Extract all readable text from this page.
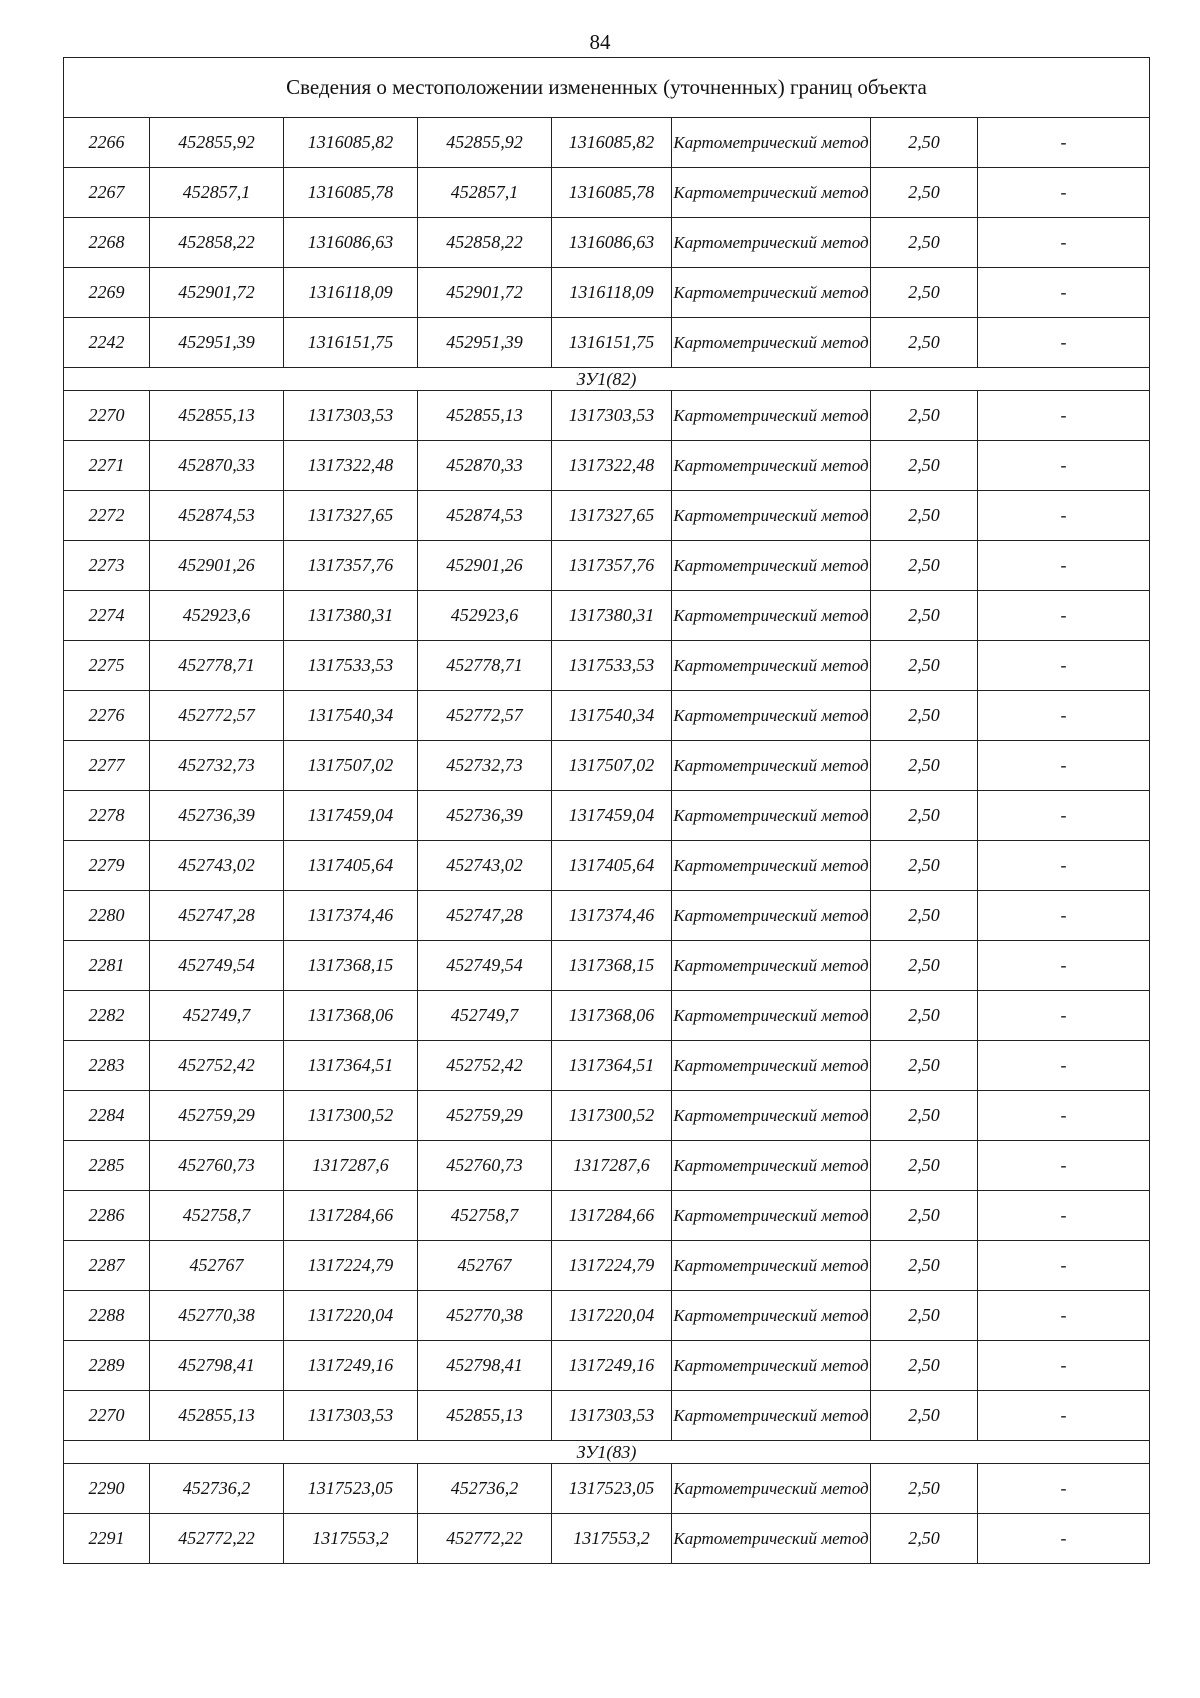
84
Сведения о местоположении измененных (уточненных) границ объекта							
2266	452855,92	1316085,82	452855,92	1316085,82	Картометрический метод	2,50	-
2267	452857,1	1316085,78	452857,1	1316085,78	Картометрический метод	2,50	-
2268	452858,22	1316086,63	452858,22	1316086,63	Картометрический метод	2,50	-
2269	452901,72	1316118,09	452901,72	1316118,09	Картометрический метод	2,50	-
2242	452951,39	1316151,75	452951,39	1316151,75	Картометрический метод	2,50	-
ЗУ1(82)							
2270	452855,13	1317303,53	452855,13	1317303,53	Картометрический метод	2,50	-
2271	452870,33	1317322,48	452870,33	1317322,48	Картометрический метод	2,50	-
2272	452874,53	1317327,65	452874,53	1317327,65	Картометрический метод	2,50	-
2273	452901,26	1317357,76	452901,26	1317357,76	Картометрический метод	2,50	-
2274	452923,6	1317380,31	452923,6	1317380,31	Картометрический метод	2,50	-
2275	452778,71	1317533,53	452778,71	1317533,53	Картометрический метод	2,50	-
2276	452772,57	1317540,34	452772,57	1317540,34	Картометрический метод	2,50	-
2277	452732,73	1317507,02	452732,73	1317507,02	Картометрический метод	2,50	-
2278	452736,39	1317459,04	452736,39	1317459,04	Картометрический метод	2,50	-
2279	452743,02	1317405,64	452743,02	1317405,64	Картометрический метод	2,50	-
2280	452747,28	1317374,46	452747,28	1317374,46	Картометрический метод	2,50	-
2281	452749,54	1317368,15	452749,54	1317368,15	Картометрический метод	2,50	-
2282	452749,7	1317368,06	452749,7	1317368,06	Картометрический метод	2,50	-
2283	452752,42	1317364,51	452752,42	1317364,51	Картометрический метод	2,50	-
2284	452759,29	1317300,52	452759,29	1317300,52	Картометрический метод	2,50	-
2285	452760,73	1317287,6	452760,73	1317287,6	Картометрический метод	2,50	-
2286	452758,7	1317284,66	452758,7	1317284,66	Картометрический метод	2,50	-
2287	452767	1317224,79	452767	1317224,79	Картометрический метод	2,50	-
2288	452770,38	1317220,04	452770,38	1317220,04	Картометрический метод	2,50	-
2289	452798,41	1317249,16	452798,41	1317249,16	Картометрический метод	2,50	-
2270	452855,13	1317303,53	452855,13	1317303,53	Картометрический метод	2,50	-
ЗУ1(83)							
2290	452736,2	1317523,05	452736,2	1317523,05	Картометрический метод	2,50	-
2291	452772,22	1317553,2	452772,22	1317553,2	Картометрический метод	2,50	-
